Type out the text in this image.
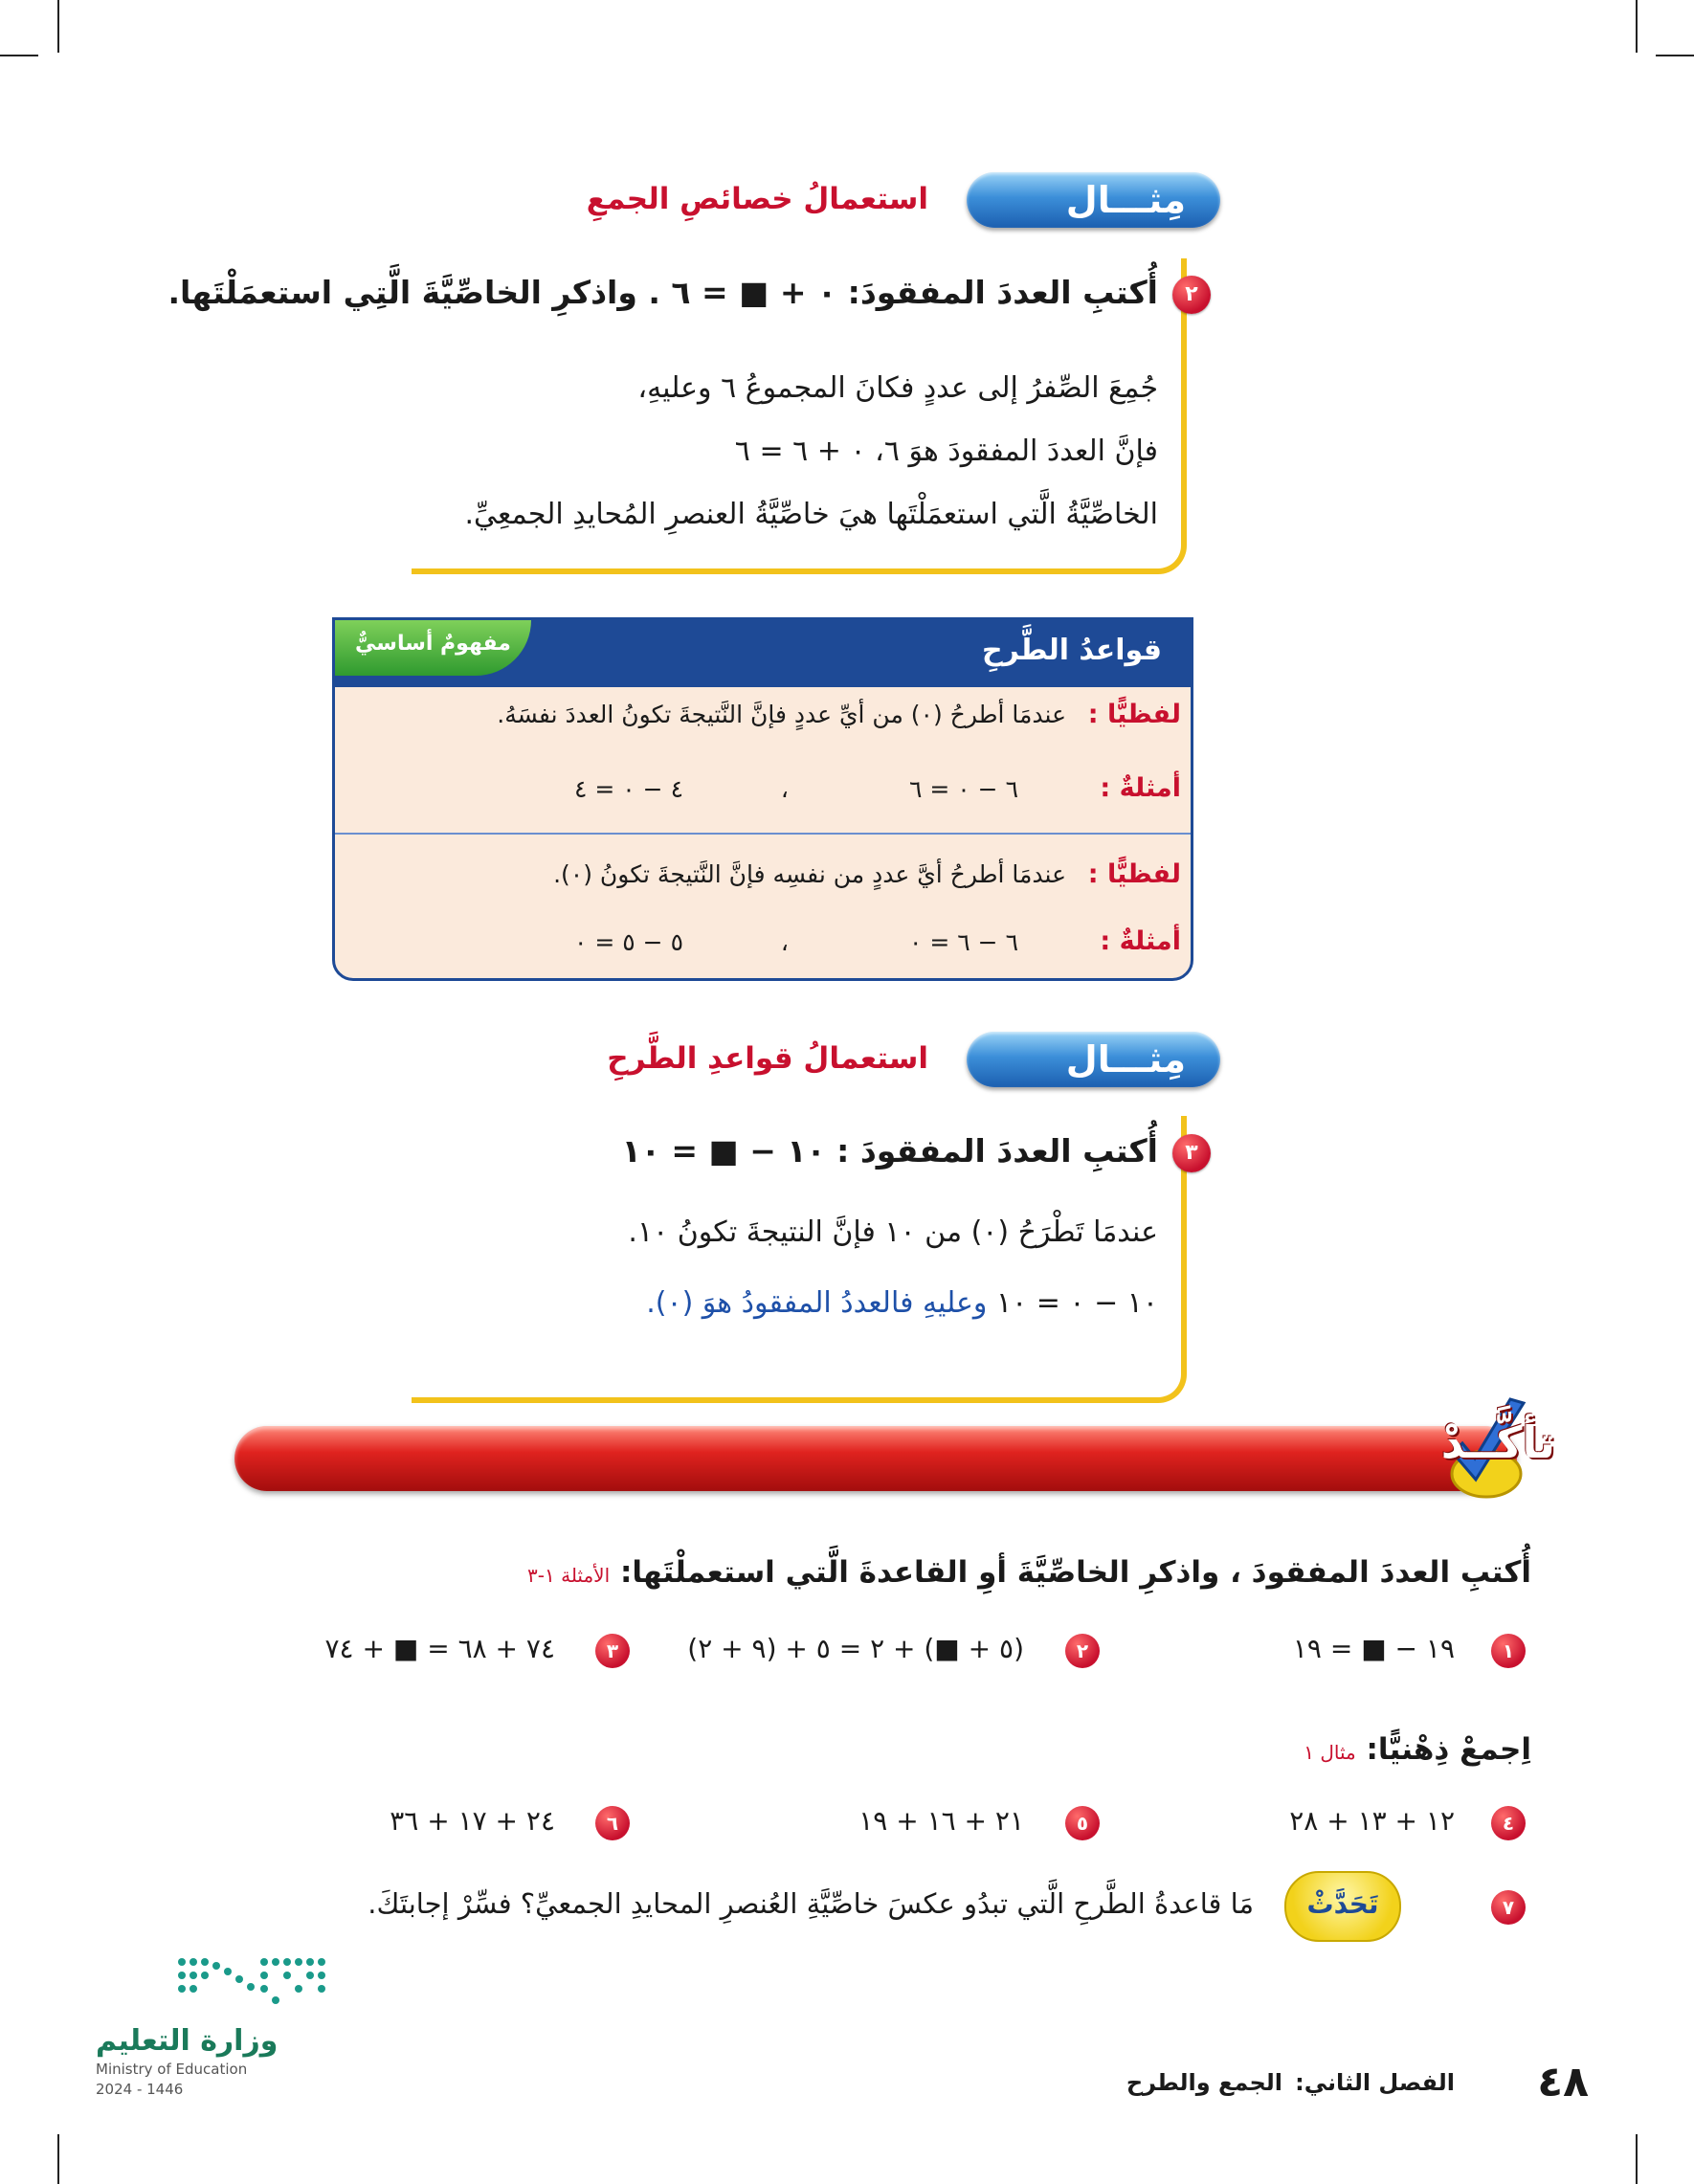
مِثـــال
استعمالُ خصائصِ الجمعِ
٢
أُكتبِ العددَ المفقودَ: ٠ + ■ = ٦ . واذكرِ الخاصِّيَّةَ الَّتِي استعمَلْتَها.
جُمِعَ الصِّفرُ إلى عددٍ فكانَ المجموعُ ٦ وعليهِ،
فإنَّ العددَ المفقودَ هوَ ٦، ٠ + ٦ = ٦
الخاصِّيَّةُ الَّتي استعمَلْتَها هيَ خاصِّيَّةُ العنصرِ المُحايدِ الجمعِيِّ.
قواعدُ الطَّرحِ
مفهومٌ أساسيٌّ
لفظيًّا :
عندمَا أطرحُ (٠) من أيِّ عددٍ فإنَّ النَّتيجةَ تكونُ العددَ نفسَهُ.
أمثلةٌ :
٦ − ٠ = ٦
،
٤ − ٠ = ٤
لفظيًّا :
عندمَا أطرحُ أيَّ عددٍ من نفسِه فإنَّ النَّتيجةَ تكونُ (٠).
أمثلةٌ :
٦ − ٦ = ٠
،
٥ − ٥ = ٠
مِثـــال
استعمالُ قواعدِ الطَّرحِ
٣
أُكتبِ العددَ المفقودَ : ١٠ − ■ = ١٠
عندمَا تَطْرَحُ (٠) من ١٠ فإنَّ النتيجةَ تكونُ ١٠.
١٠ − ٠ = ١٠ وعليهِ فالعددُ المفقودُ هوَ (٠).
تأكَّــدْ
أُكتبِ العددَ المفقودَ ، واذكرِ الخاصِّيَّةَ أوِ القاعدةَ الَّتي استعملْتَها: الأمثلة ١-٣
١
١٩ − ■ = ١٩
٢
(٥ + ■) + ٢ = ٥ + (٩ + ٢)
٣
٧٤ + ٦٨ = ■ + ٧٤
اِجمعْ ذِهْنيًّا: مثال ١
٤
١٢ + ١٣ + ٢٨
٥
٢١ + ١٦ + ١٩
٦
٢٤ + ١٧ + ٣٦
٧
تَحَدَّثْ
مَا قاعدةُ الطَّرحِ الَّتي تبدُو عكسَ خاصِّيَّةِ العُنصرِ المحايدِ الجمعيِّ؟ فسِّرْ إجابتَكَ.
وزارة التعليم
Ministry of Education
2024 - 1446	٤٨
الفصل الثاني:
الجمع والطرح
